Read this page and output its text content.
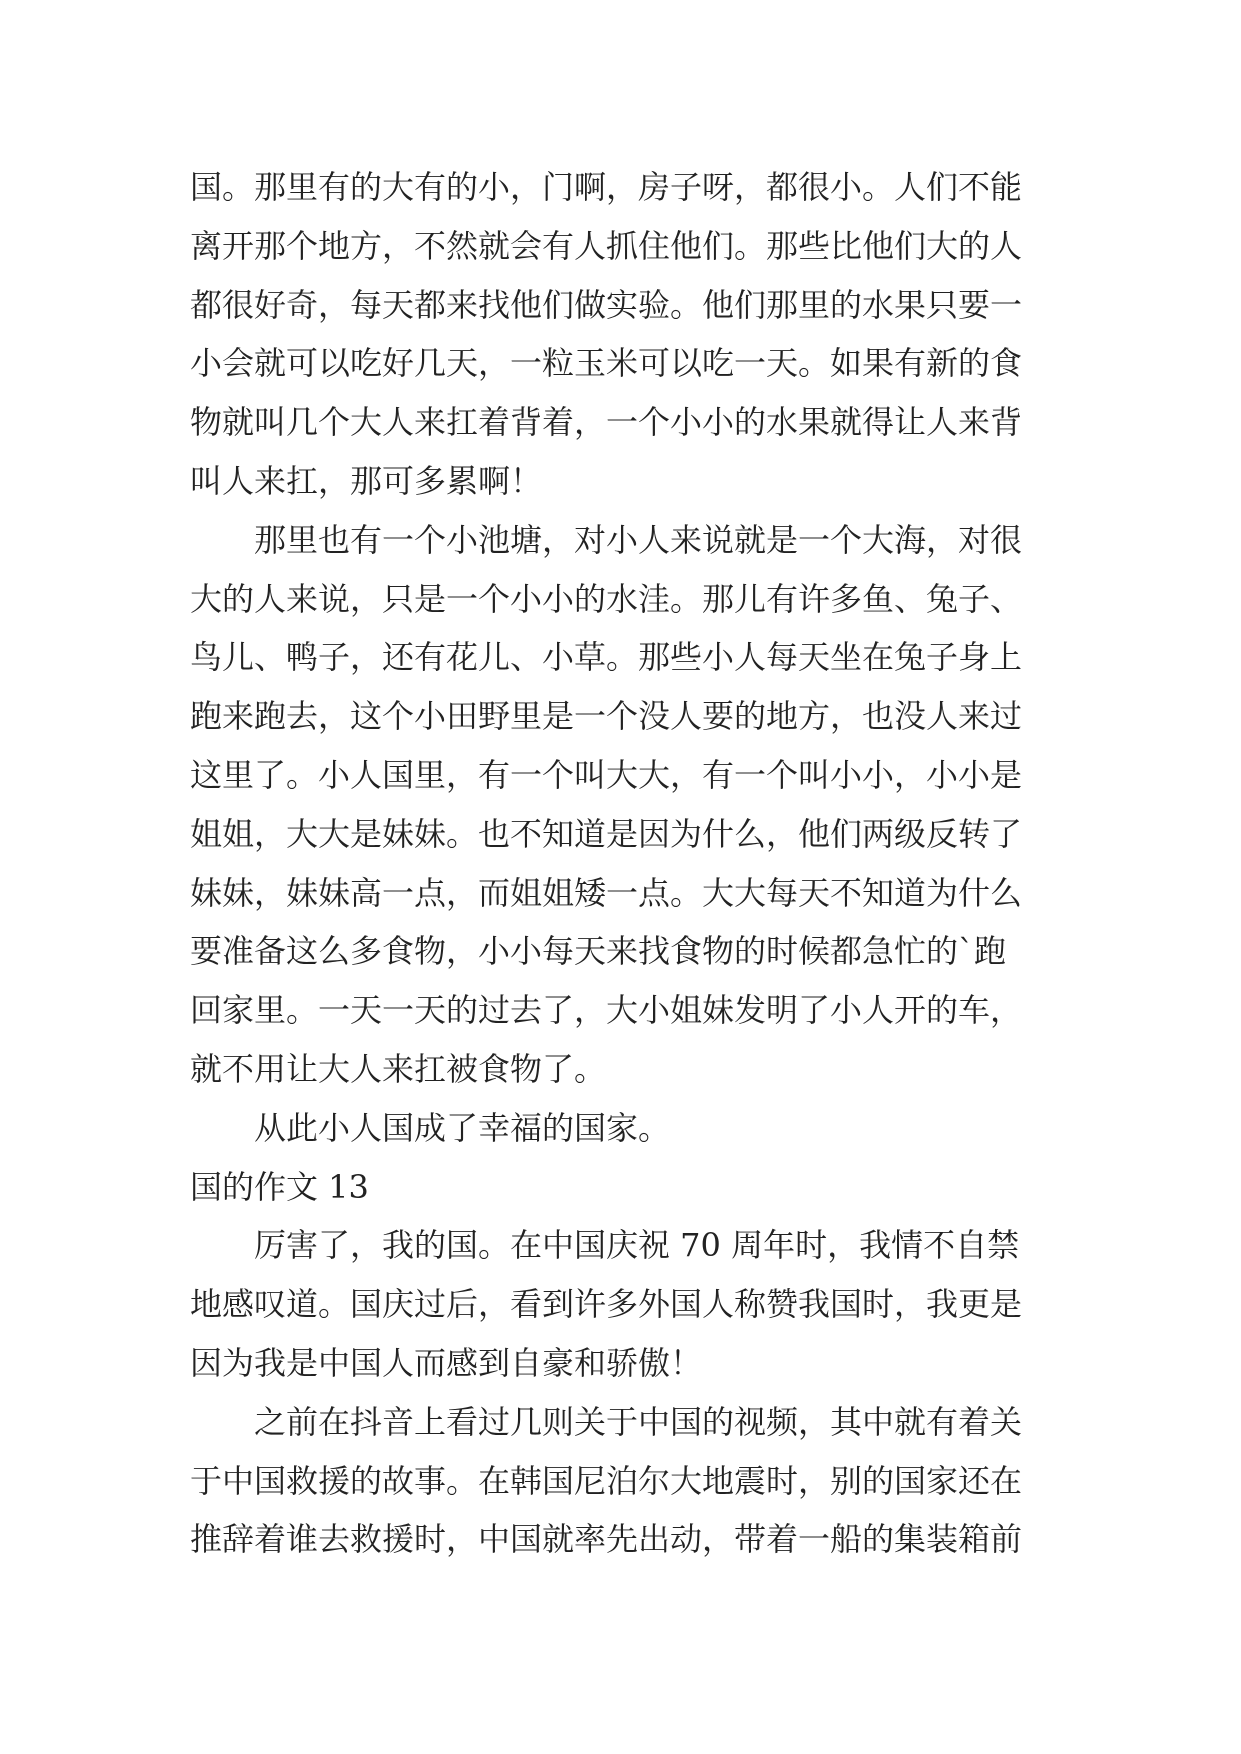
国。那里有的大有的小，门啊，房子呀，都很小。人们不能
离开那个地方，不然就会有人抓住他们。那些比他们大的人
都很好奇，每天都来找他们做实验。他们那里的水果只要一
小会就可以吃好几天，一粒玉米可以吃一天。如果有新的食
物就叫几个大人来扛着背着，一个小小的水果就得让人来背
叫人来扛，那可多累啊！
那里也有一个小池塘，对小人来说就是一个大海，对很
大的人来说，只是一个小小的水洼。那儿有许多鱼、兔子、
鸟儿、鸭子，还有花儿、小草。那些小人每天坐在兔子身上
跑来跑去，这个小田野里是一个没人要的地方，也没人来过
这里了。小人国里，有一个叫大大，有一个叫小小，小小是
姐姐，大大是妹妹。也不知道是因为什么，他们两级反转了
妹妹，妹妹高一点，而姐姐矮一点。大大每天不知道为什么
要准备这么多食物，小小每天来找食物的时候都急忙的`跑
回家里。一天一天的过去了，大小姐妹发明了小人开的车，
就不用让大人来扛被食物了。
从此小人国成了幸福的国家。
国的作文 13
厉害了，我的国。在中国庆祝 70 周年时，我情不自禁
地感叹道。国庆过后，看到许多外国人称赞我国时，我更是
因为我是中国人而感到自豪和骄傲！
之前在抖音上看过几则关于中国的视频，其中就有着关
于中国救援的故事。在韩国尼泊尔大地震时，别的国家还在
推辞着谁去救援时，中国就率先出动，带着一船的集装箱前
